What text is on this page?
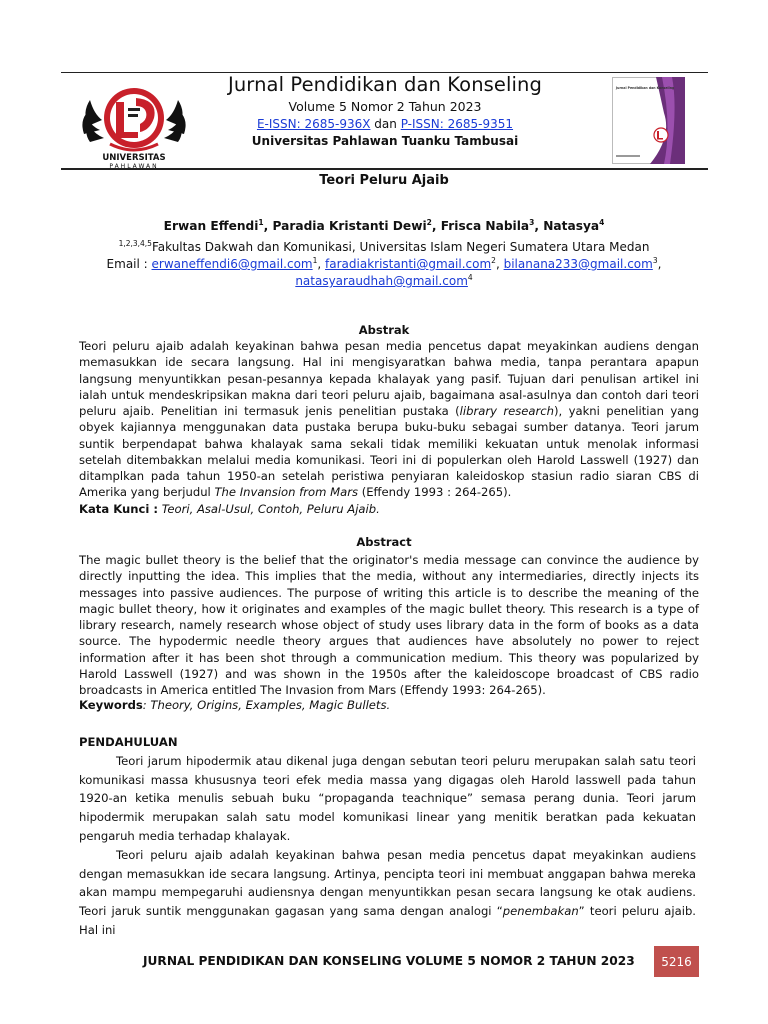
UNIVERSITAS
PAHLAWAN
Jurnal Pendidikan dan Konseling
Volume 5 Nomor 2 Tahun 2023
E-ISSN: 2685-936X dan P-ISSN: 2685-9351
Universitas Pahlawan Tuanku Tambusai
Jurnal Pendidikan dan Konseling
Teori Peluru Ajaib
Erwan Effendi$^1$, Paradia Kristanti Dewi$^2$, Frisca Nabila$^3$, Natasya$^4$
$^{1,2,3,4,5}$Fakultas Dakwah dan Komunikasi, Universitas Islam Negeri Sumatera Utara Medan
Email : erwaneffendi6@gmail.com$^1$, faradiakristanti@gmail.com$^2$, bilanana233@gmail.com$^3$,
natasyaraudhah@gmail.com$^4$
Abstrak
Teori peluru ajaib adalah keyakinan bahwa pesan media pencetus dapat meyakinkan audiens dengan memasukkan ide secara langsung. Hal ini mengisyaratkan bahwa media, tanpa perantara apapun langsung menyuntikkan pesan-pesannya kepada khalayak yang pasif. Tujuan dari penulisan artikel ini ialah untuk mendeskripsikan makna dari teori peluru ajaib, bagaimana asal-asulnya dan contoh dari teori peluru ajaib. Penelitian ini termasuk jenis penelitian pustaka (library research), yakni penelitian yang obyek kajiannya menggunakan data pustaka berupa buku-buku sebagai sumber datanya. Teori jarum suntik berpendapat bahwa khalayak sama sekali tidak memiliki kekuatan untuk menolak informasi setelah ditembakkan melalui media komunikasi. Teori ini di populerkan oleh Harold Lasswell (1927) dan ditamplkan pada tahun 1950-an setelah peristiwa penyiaran kaleidoskop stasiun radio siaran CBS di Amerika yang berjudul The Invansion from Mars (Effendy 1993 : 264-265).
Kata Kunci : Teori, Asal-Usul, Contoh, Peluru Ajaib.
Abstract
The magic bullet theory is the belief that the originator's media message can convince the audience by directly inputting the idea. This implies that the media, without any intermediaries, directly injects its messages into passive audiences. The purpose of writing this article is to describe the meaning of the magic bullet theory, how it originates and examples of the magic bullet theory. This research is a type of library research, namely research whose object of study uses library data in the form of books as a data source. The hypodermic needle theory argues that audiences have absolutely no power to reject information after it has been shot through a communication medium. This theory was popularized by Harold Lasswell (1927) and was shown in the 1950s after the kaleidoscope broadcast of CBS radio broadcasts in America entitled The Invasion from Mars (Effendy 1993: 264-265).
Keywords: Theory, Origins, Examples, Magic Bullets.
PENDAHULUAN
Teori jarum hipodermik atau dikenal juga dengan sebutan teori peluru merupakan salah satu teori komunikasi massa khususnya teori efek media massa yang digagas oleh Harold lasswell pada tahun 1920-an ketika menulis sebuah buku “propaganda teachnique” semasa perang dunia. Teori jarum hipodermik merupakan salah satu model komunikasi linear yang menitik beratkan pada kekuatan pengaruh media terhadap khalayak.
Teori peluru ajaib adalah keyakinan bahwa pesan media pencetus dapat meyakinkan audiens dengan memasukkan ide secara langsung. Artinya, pencipta teori ini membuat anggapan bahwa mereka akan mampu mempegaruhi audiensnya dengan menyuntikkan pesan secara langsung ke otak audiens. Teori jaruk suntik menggunakan gagasan yang sama dengan analogi “penembakan” teori peluru ajaib. Hal ini
JURNAL PENDIDIKAN DAN KONSELING VOLUME 5 NOMOR 2 TAHUN 2023 5216
